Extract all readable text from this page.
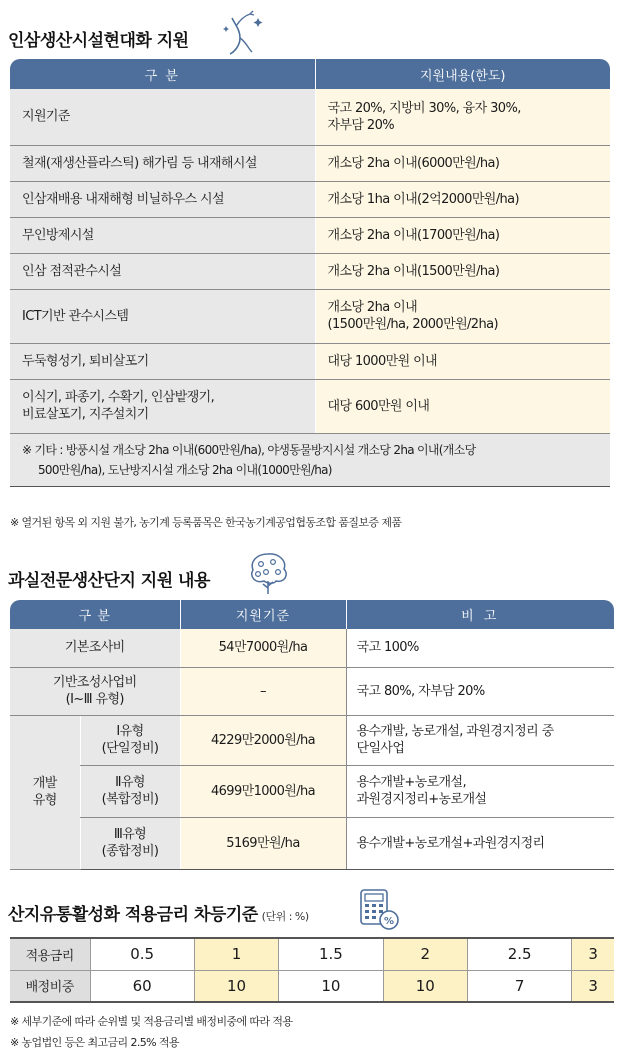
인삼생산시설현대화 지원
구 분	지원내용(한도)
지원기준	국고 20%, 지방비 30%, 융자 30%,
자부담 20%
철재(재생산플라스틱) 해가림 등 내재해시설	개소당 2ha 이내(6000만원/ha)
인삼재배용 내재해형 비닐하우스 시설	개소당 1ha 이내(2억2000만원/ha)
무인방제시설	개소당 2ha 이내(1700만원/ha)
인삼 점적관수시설	개소당 2ha 이내(1500만원/ha)
ICT기반 관수시스템	개소당 2ha 이내
(1500만원/ha, 2000만원/2ha)
두둑형성기, 퇴비살포기	대당 1000만원 이내
이식기, 파종기, 수확기, 인삼밭쟁기,
비료살포기, 지주설치기	대당 600만원 이내
※ 기타 : 방풍시설 개소당 2ha 이내(600만원/ha), 야생동물방지시설 개소당 2ha 이내(개소당
500만원/ha), 도난방지시설 개소당 2ha 이내(1000만원/ha)	
※ 열거된 항목 외 지원 불가, 농기계 등록품목은 한국농기계공업협동조합 품질보증 제품
과실전문생산단지 지원 내용
구 분		지원기준	비 고
기본조사비		54만7000원/ha	국고 100%
기반조성사업비
(Ⅰ~Ⅲ 유형)		–	국고 80%, 자부담 20%
개발
유형	Ⅰ유형
(단일정비)	4229만2000원/ha	용수개발, 농로개설, 과원경지정리 중
단일사업
	Ⅱ유형
(복합정비)	4699만1000원/ha	용수개발+농로개설,
과원경지정리+농로개설
	Ⅲ유형
(종합정비)	5169만원/ha	용수개발+농로개설+과원경지정리
산지유통활성화 적용금리 차등기준 (단위 : %)	%
적용금리	0.5	1	1.5	2	2.5	3
배정비중	60	10	10	10	7	3
※ 세부기준에 따라 순위별 및 적용금리별 배정비중에 따라 적용
※ 농업법인 등은 최고금리 2.5% 적용
